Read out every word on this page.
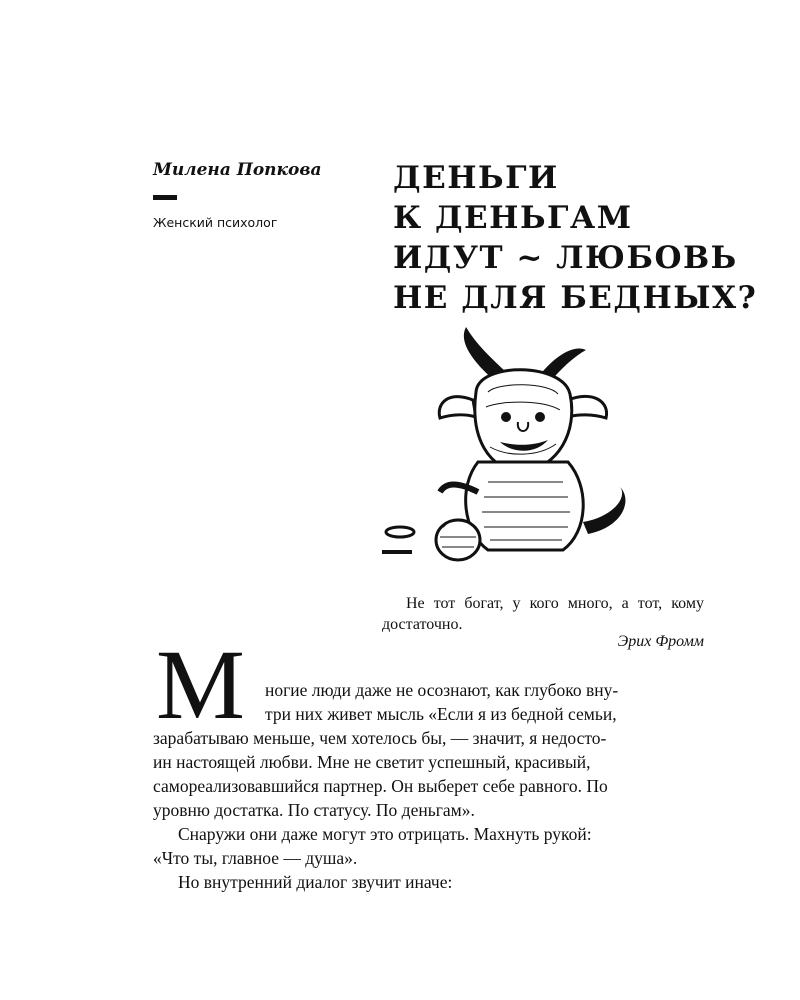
Милена Попкова
Женский психолог
ДЕНЬГИ
К ДЕНЬГАМ
ИДУТ ~ ЛЮБОВЬ
НЕ ДЛЯ БЕДНЫХ?
Не тот богат, у кого много, а тот, кому достаточно.
Эрих Фромм
М ногие люди даже не осознают, как глубоко вну-
три них живет мысль «Если я из бедной семьи,
зарабатываю меньше, чем хотелось бы, — значит, я недосто-
ин настоящей любви. Мне не светит успешный, красивый,
самореализовавшийся партнер. Он выберет себе равного. По
уровню достатка. По статусу. По деньгам».
Снаружи они даже могут это отрицать. Махнуть рукой:
«Что ты, главное — душа».
Но внутренний диалог звучит иначе:
